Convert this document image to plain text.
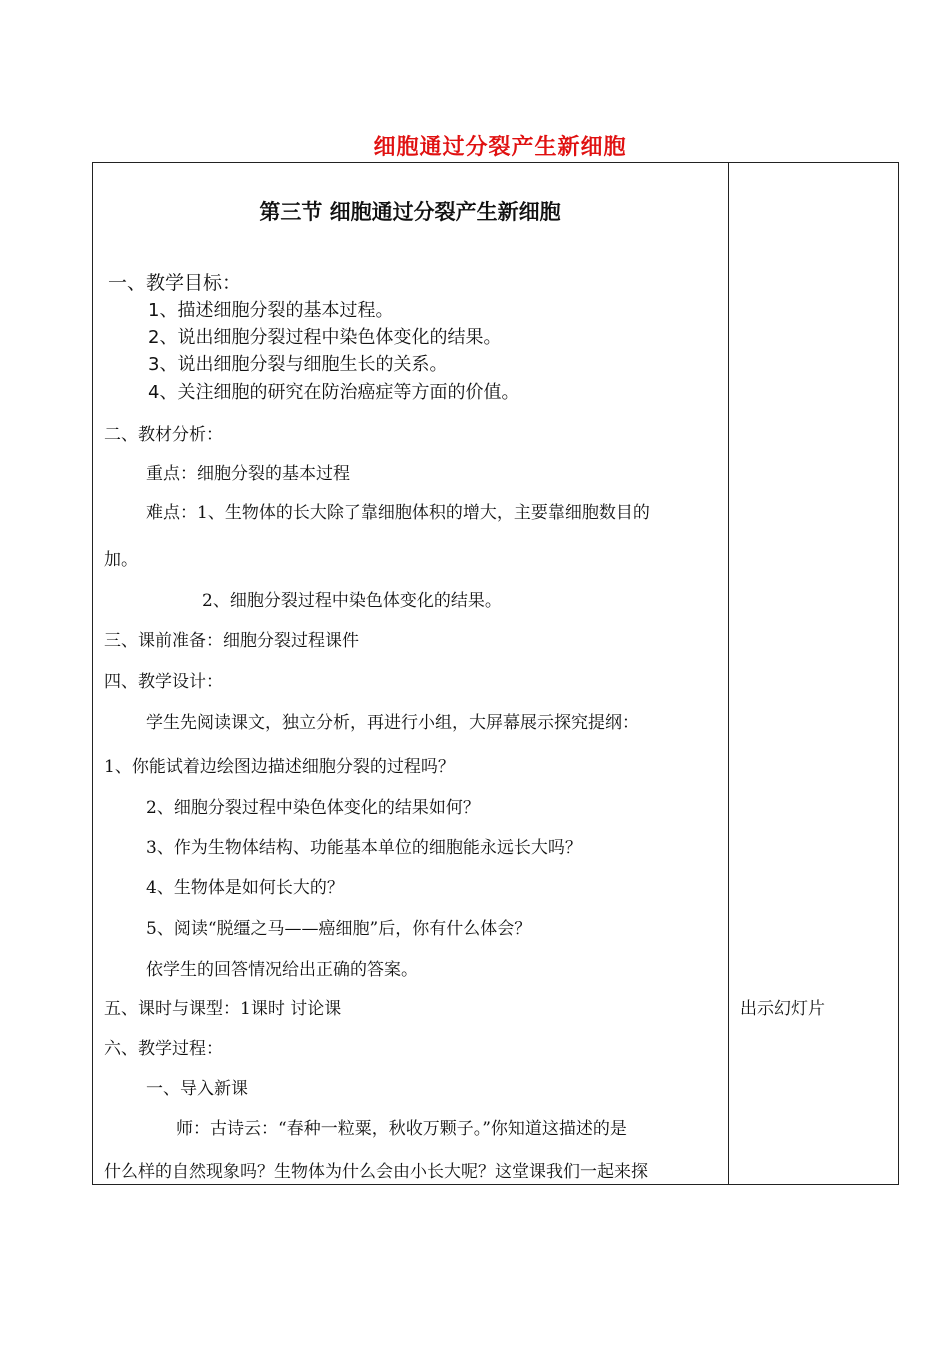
细胞通过分裂产生新细胞
第三节 细胞通过分裂产生新细胞
一、教学目标：
1、描述细胞分裂的基本过程。
2、说出细胞分裂过程中染色体变化的结果。
3、说出细胞分裂与细胞生长的关系。
4、关注细胞的研究在防治癌症等方面的价值。
二、教材分析：
重点：细胞分裂的基本过程
难点：1、生物体的长大除了靠细胞体积的增大，主要靠细胞数目的
加。
2、细胞分裂过程中染色体变化的结果。
三、课前准备：细胞分裂过程课件
四、教学设计：
学生先阅读课文，独立分析，再进行小组，大屏幕展示探究提纲：
1、你能试着边绘图边描述细胞分裂的过程吗？
2、细胞分裂过程中染色体变化的结果如何？
3、作为生物体结构、功能基本单位的细胞能永远长大吗？
4、生物体是如何长大的？
5、阅读“脱缰之马——癌细胞”后，你有什么体会？
依学生的回答情况给出正确的答案。
五、课时与课型：1课时 讨论课
六、教学过程：
一、导入新课
师：古诗云：“春种一粒粟，秋收万颗子。”你知道这描述的是
什么样的自然现象吗？生物体为什么会由小长大呢？这堂课我们一起来探
出示幻灯片
